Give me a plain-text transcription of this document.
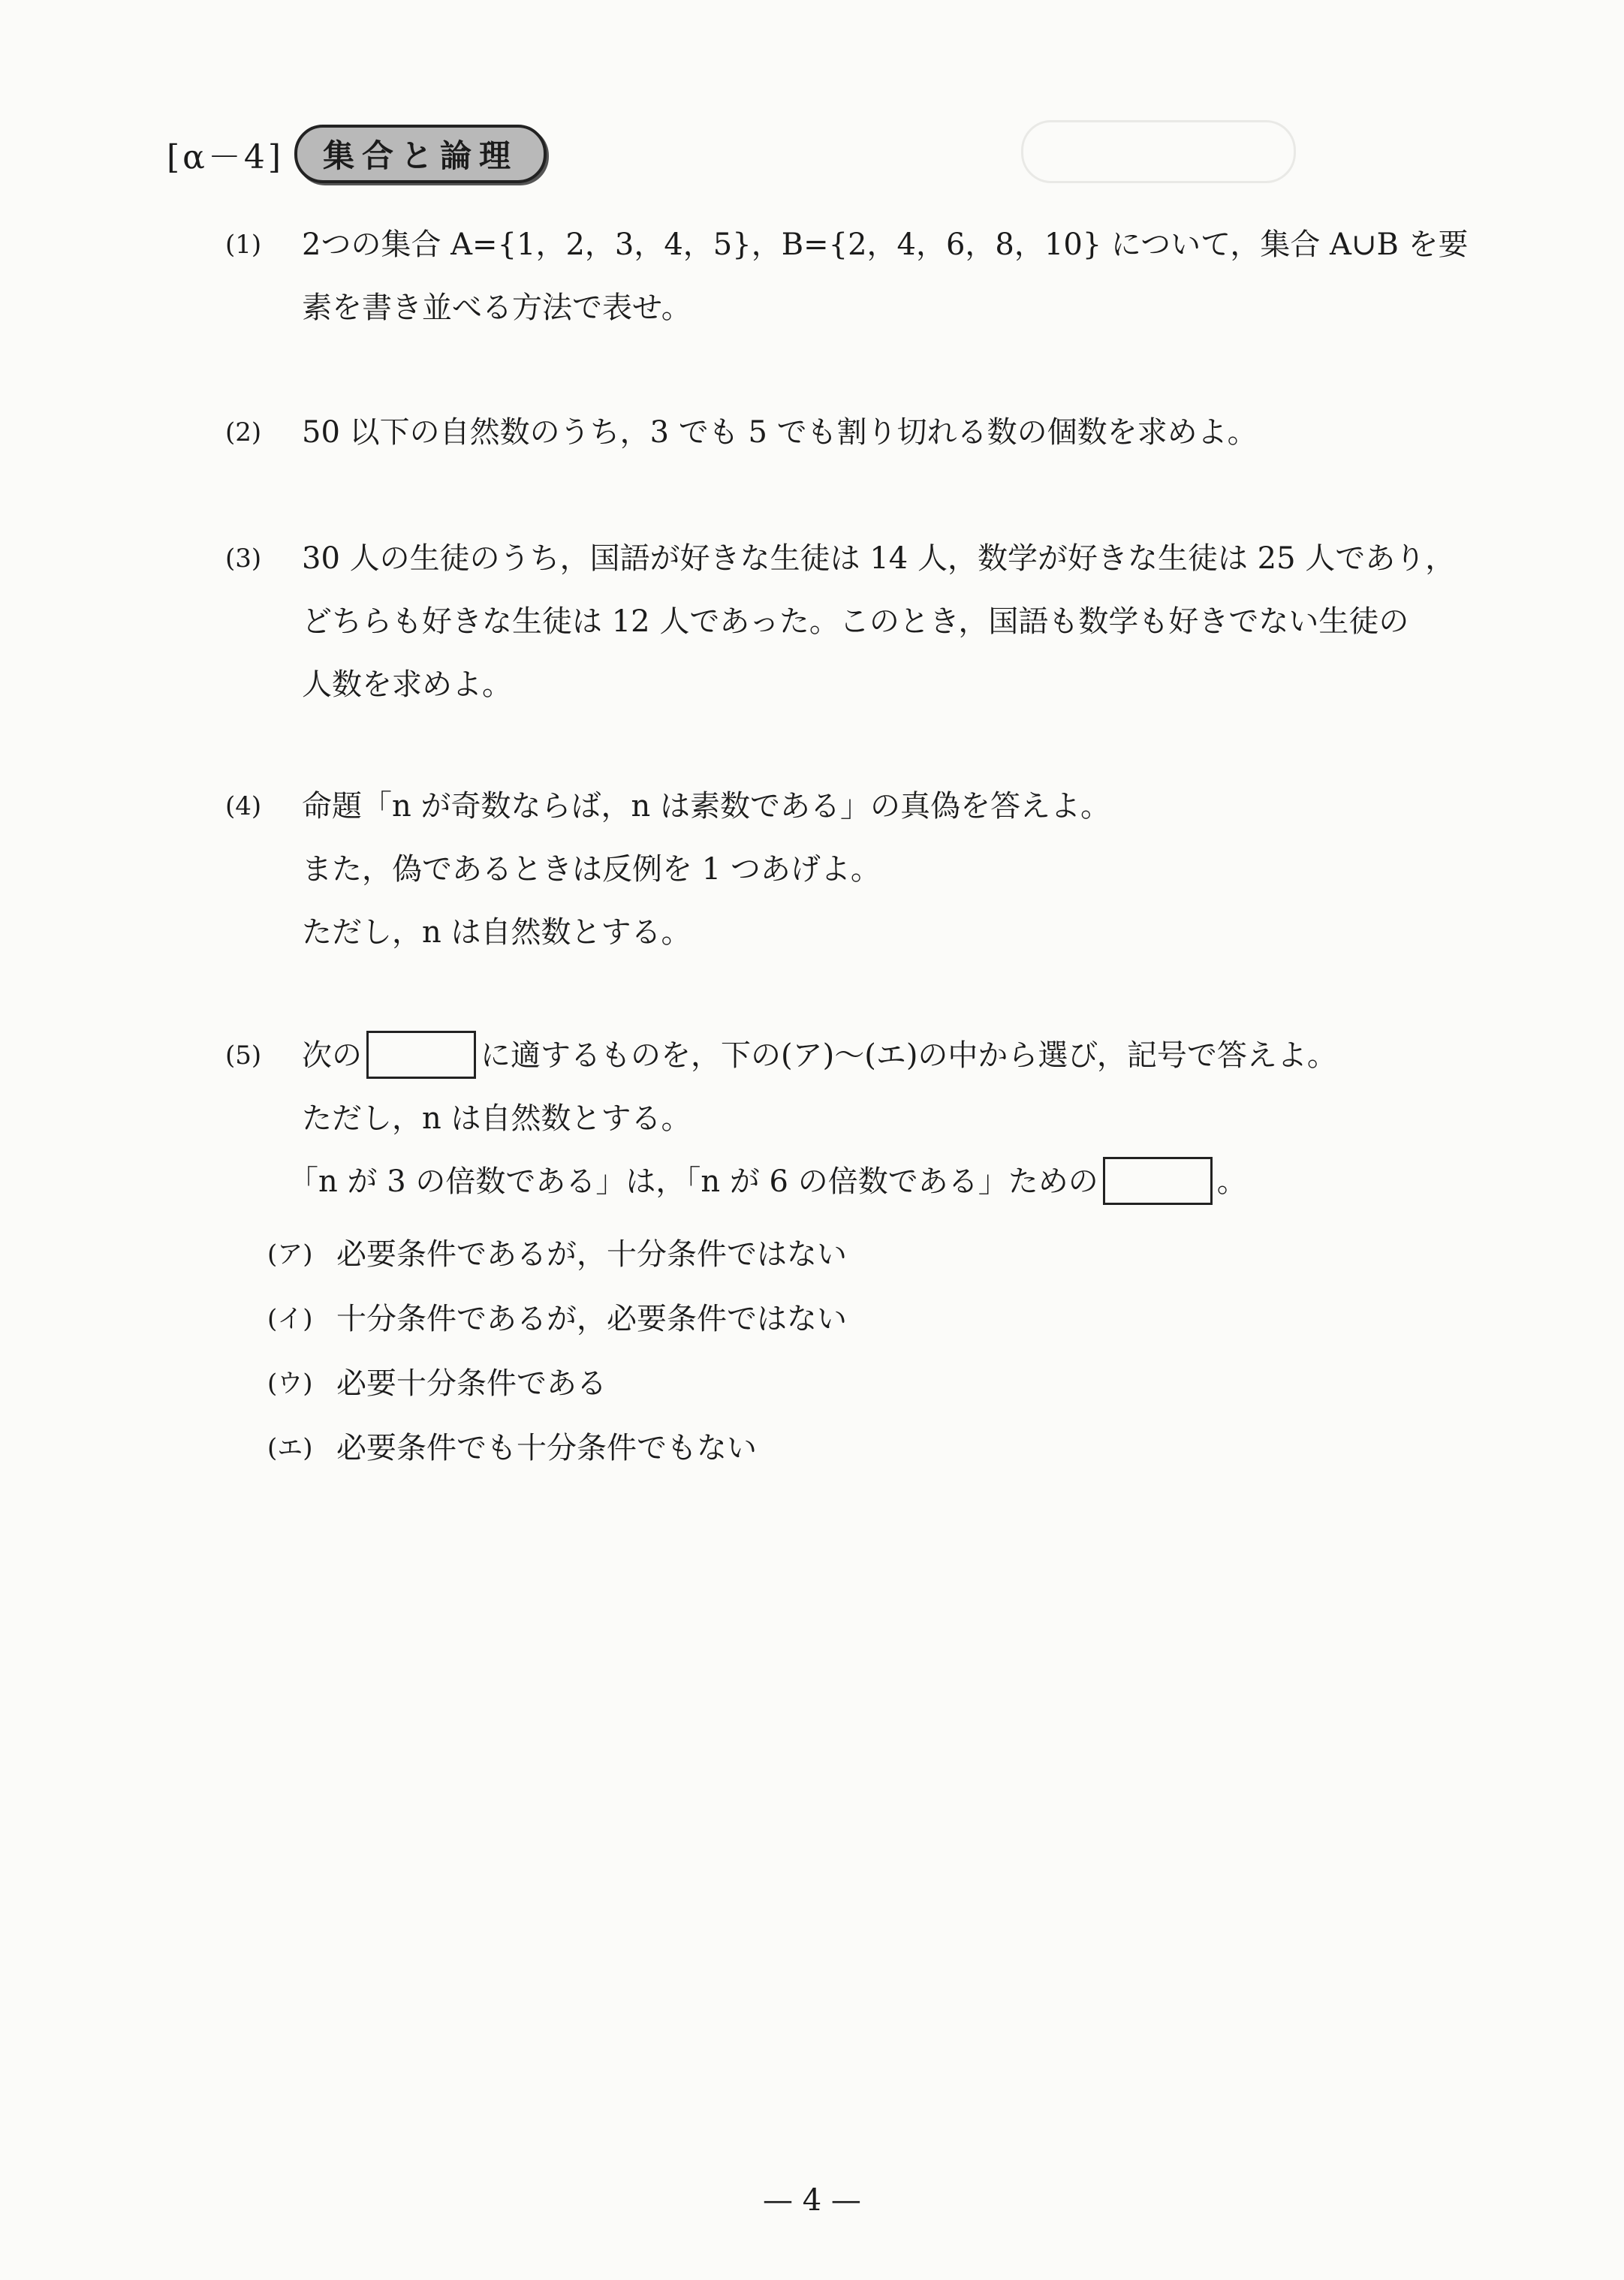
[α－4] 集合と論理
(1)	2つの集合 A={1，2，3，4，5}，B={2，4，6，8，10} について，集合 A∪B を要
素を書き並べる方法で表せ。
(2)	50 以下の自然数のうち，3 でも 5 でも割り切れる数の個数を求めよ。
(3)	30 人の生徒のうち，国語が好きな生徒は 14 人，数学が好きな生徒は 25 人であり，
どちらも好きな生徒は 12 人であった。このとき，国語も数学も好きでない生徒の
人数を求めよ。
(4)	命題「n が奇数ならば，n は素数である」の真偽を答えよ。
また，偽であるときは反例を 1 つあげよ。
ただし，n は自然数とする。
(5)	次の	に適するものを，下の(ア)～(エ)の中から選び，記号で答えよ。
ただし，n は自然数とする。
「n が 3 の倍数である」は，「n が 6 の倍数である」ための	。
(ア) 必要条件であるが，十分条件ではない
(イ) 十分条件であるが，必要条件ではない
(ウ) 必要十分条件である
(エ) 必要条件でも十分条件でもない
— 4 —
